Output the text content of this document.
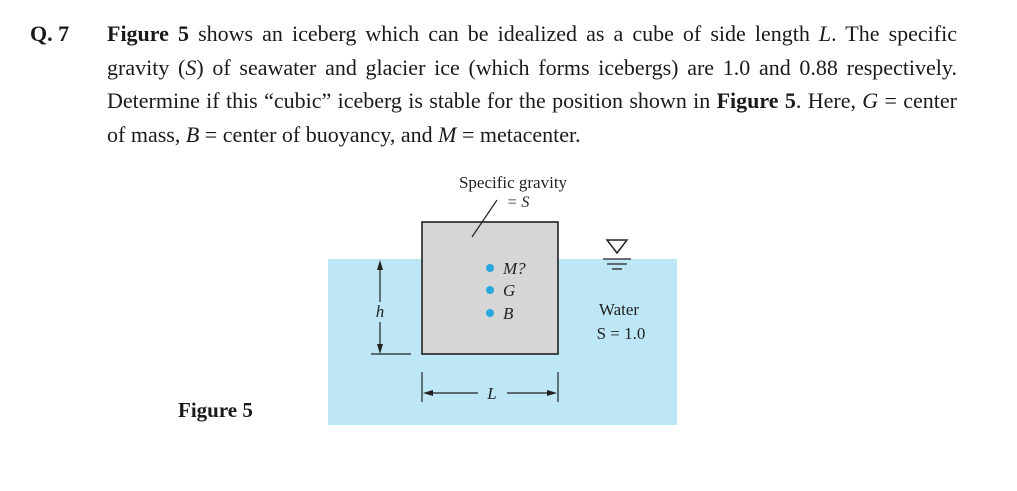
Q. 7 Figure 5 shows an iceberg which can be idealized as a cube of side length L. The specific gravity (S) of seawater and glacier ice (which forms icebergs) are 1.0 and 0.88 respectively. Determine if this “cubic” iceberg is stable for the position shown in Figure 5. Here, G = center of mass, B = center of buoyancy, and M = metacenter.
Specific gravity
= S
M?
G
B
h
L
Water
S = 1.0
Figure 5
